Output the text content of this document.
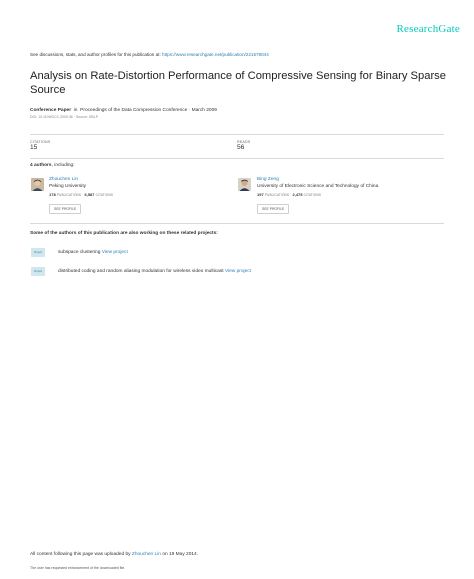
ResearchGate
See discussions, stats, and author profiles for this publication at: https://www.researchgate.net/publication/221578044
Analysis on Rate-Distortion Performance of Compressive Sensing for Binary Sparse Source
Conference Paper in Proceedings of the Data Compression Conference · March 2009
DOI: 10.1109/DCC.2009.36 · Source: DBLP
CITATIONS
15
READS
56
4 authors, including:
Zhouchen Lin
Peking University
178 PUBLICATIONS 6,587 CITATIONS
SEE PROFILE
Bing Zeng
University of Electronic Science and Technology of China
197 PUBLICATIONS 2,475 CITATIONS
SEE PROFILE
Some of the authors of this publication are also working on these related projects:
Project	subspace clustering View project
Project	distributed coding and random aliasing modulation for wireless video multicast View project
All content following this page was uploaded by Zhouchen Lin on 19 May 2014.
The user has requested enhancement of the downloaded file.
